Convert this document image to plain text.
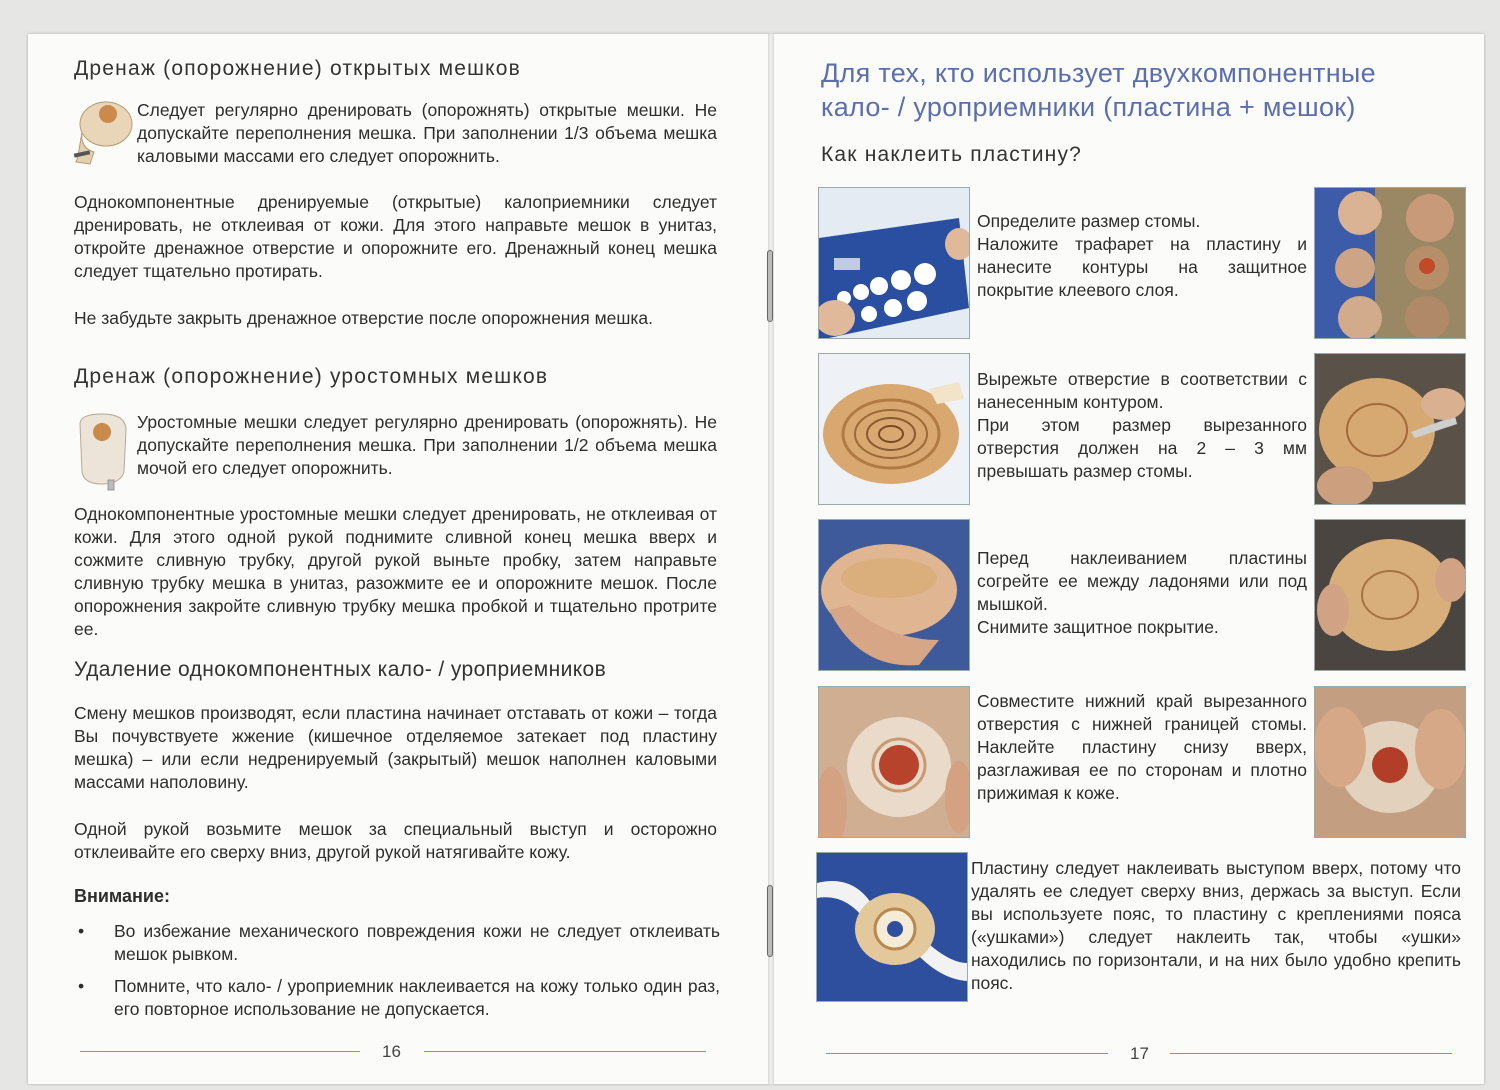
Дренаж (опорожнение) открытых мешков

Следует регулярно дренировать (опорожнять) открытые мешки. Не допускайте переполнения мешка. При заполнении 1/3 объема мешка каловыми массами его следует опорожнить.

Однокомпонентные дренируемые (открытые) калоприемники следует дренировать, не отклеивая от кожи. Для этого направьте мешок в унитаз, откройте дренажное отверстие и опорожните его. Дренажный конец мешка следует тщательно протирать.

Не забудьте закрыть дренажное отверстие после опорожнения мешка.

Дренаж (опорожнение) уростомных мешков

Уростомные мешки следует регулярно дренировать (опорожнять). Не допускайте переполнения мешка. При заполнении 1/2 объема мешка мочой его следует опорожнить.

Однокомпонентные уростомные мешки следует дренировать, не отклеивая от кожи. Для этого одной рукой поднимите сливной конец мешка вверх и сожмите сливную трубку, другой рукой выньте пробку, затем направьте сливную трубку мешка в унитаз, разожмите ее и опорожните мешок. После опорожнения закройте сливную трубку мешка пробкой и тщательно протрите ее.

Удаление однокомпонентных кало- / уроприемников

Смену мешков производят, если пластина начинает отставать от кожи – тогда Вы почувствуете жжение (кишечное отделяемое затекает под пластину мешка) – или если недренируемый (закрытый) мешок наполнен каловыми массами наполовину.

Одной рукой возьмите мешок за специальный выступ и осторожно отклеивайте его сверху вниз, другой рукой натягивайте кожу.

Внимание:

• Во избежание механического повреждения кожи не следует отклеивать мешок рывком.
• Помните, что кало- / уроприемник наклеивается на кожу только один раз, его повторное использование не допускается.
16
Для тех, кто использует двухкомпонентные
кало- / уроприемники (пластина + мешок)
Как наклеить пластину?

Определите размер стомы.

Наложите трафарет на пластину и нанесите контуры на защитное покрытие клеевого слоя.

Вырежьте отверстие в соответствии с нанесенным контуром.

При этом размер вырезанного отверстия должен на 2 – 3 мм превышать размер стомы.

Перед наклеиванием пластины согрейте ее между ладонями или под мышкой.

Снимите защитное покрытие.

Совместите нижний край вырезанного отверстия с нижней границей стомы. Наклейте пластину снизу вверх, разглаживая ее по сторонам и плотно прижимая к коже.

Пластину следует наклеивать выступом вверх, потому что удалять ее следует сверху вниз, держась за выступ. Если вы используете пояс, то пластину с креплениями пояса («ушками») следует наклеить так, чтобы «ушки» находились по горизонтали, и на них было удобно крепить пояс.

17
